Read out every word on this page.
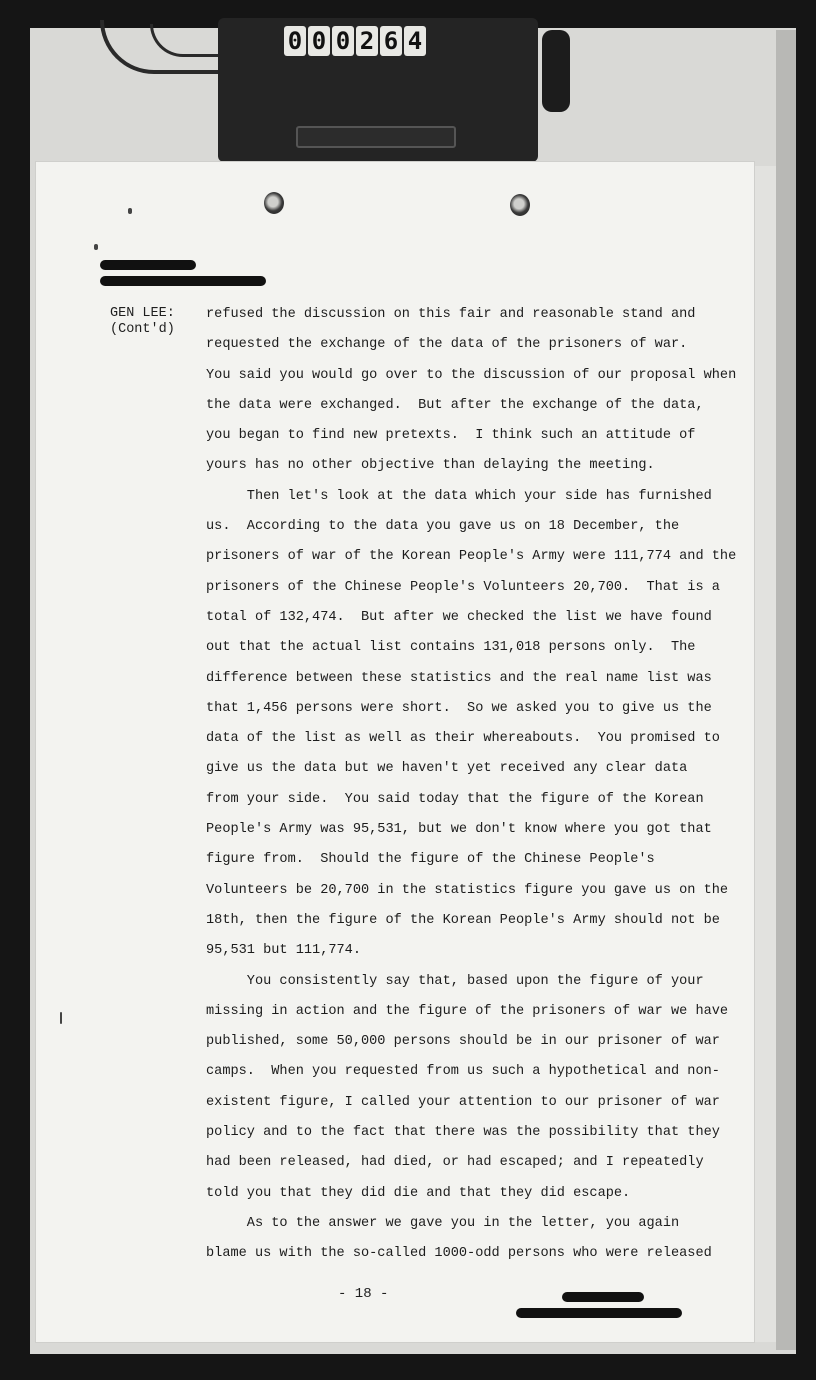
0 0 0 2 6 4
GEN LEE:
(Cont'd)
refused the discussion on this fair and reasonable stand and
requested the exchange of the data of the prisoners of war.
You said you would go over to the discussion of our proposal when
the data were exchanged.  But after the exchange of the data,
you began to find new pretexts.  I think such an attitude of
yours has no other objective than delaying the meeting.
Then let's look at the data which your side has furnished
us.  According to the data you gave us on 18 December, the
prisoners of war of the Korean People's Army were 111,774 and the
prisoners of the Chinese People's Volunteers 20,700.  That is a
total of 132,474.  But after we checked the list we have found
out that the actual list contains 131,018 persons only.  The
difference between these statistics and the real name list was
that 1,456 persons were short.  So we asked you to give us the
data of the list as well as their whereabouts.  You promised to
give us the data but we haven't yet received any clear data
from your side.  You said today that the figure of the Korean
People's Army was 95,531, but we don't know where you got that
figure from.  Should the figure of the Chinese People's
Volunteers be 20,700 in the statistics figure you gave us on the
18th, then the figure of the Korean People's Army should not be
95,531 but 111,774.
You consistently say that, based upon the figure of your
missing in action and the figure of the prisoners of war we have
published, some 50,000 persons should be in our prisoner of war
camps.  When you requested from us such a hypothetical and non-
existent figure, I called your attention to our prisoner of war
policy and to the fact that there was the possibility that they
had been released, had died, or had escaped; and I repeatedly
told you that they did die and that they did escape.
As to the answer we gave you in the letter, you again
blame us with the so-called 1000-odd persons who were released
- 18 -
